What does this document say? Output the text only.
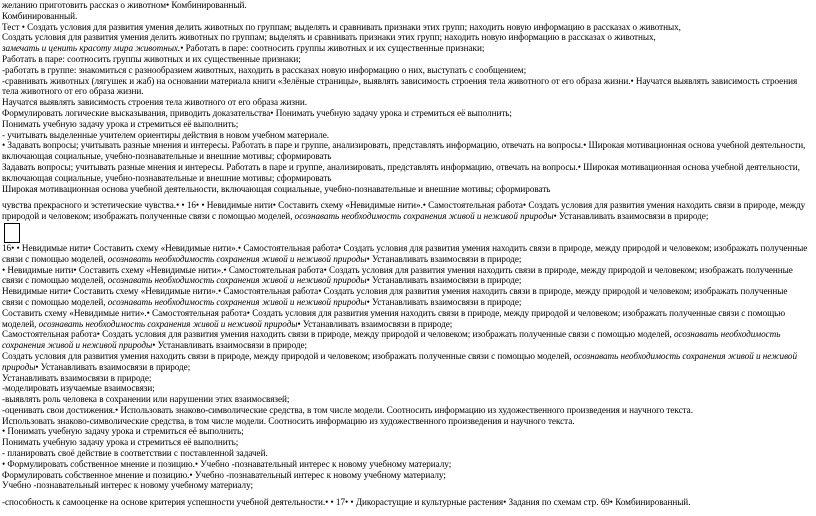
желанию приготовить рассказ о животном• Комбинированный.
Комбинированный.
Тест • Создать условия для развития умения делить животных по группам; выделять и сравнивать признаки этих групп; находить новую информацию в рассказах о животных,
Создать условия для развития умения делить животных по группам; выделять и сравнивать признаки этих групп; находить новую информацию в рассказах о животных,
замечать и ценить красоту мира животных.• Работать в паре: соотносить группы животных и их существенные признаки;
Работать в паре: соотносить группы животных и их существенные признаки;
-работать в группе: знакомиться с разнообразием животных, находить в рассказах новую информацию о них, выступать с сообщением;
-сравнивать животных (лягушек и жаб) на основании материала книги «Зелёные страницы», выявлять зависимость строения тела животного от его образа жизни.• Научатся выявлять зависимость строения тела животного от его образа жизни.
Научатся выявлять зависимость строения тела животного от его образа жизни.
Формулировать логические высказывания, приводить доказательства• Понимать учебную задачу урока и стремиться её выполнить;
Понимать учебную задачу урока и стремиться её выполнить;
- учитывать выделенные учителем ориентиры действия в новом учебном материале.
• Задавать вопросы; учитывать разные мнения и интересы. Работать в паре и группе, анализировать, представлять информацию, отвечать на вопросы.• Широкая мотивационная основа учебной деятельности, включающая социальные, учебно-познавательные и внешние мотивы; сформировать
Задавать вопросы; учитывать разные мнения и интересы. Работать в паре и группе, анализировать, представлять информацию, отвечать на вопросы.• Широкая мотивационная основа учебной деятельности, включающая социальные, учебно-познавательные и внешние мотивы; сформировать
Широкая мотивационная основа учебной деятельности, включающая социальные, учебно-познавательные и внешние мотивы; сформировать
чувства прекрасного и эстетические чувства.• • 16• • Невидимые нити• Составить схему «Невидимые нити».• Самостоятельная работа• Создать условия для развития умения находить связи в природе, между природой и человеком; изображать полученные связи с помощью моделей, осознавать необходимость сохранения живой и неживой природы• Устанавливать взаимосвязи в природе;
16• • Невидимые нити• Составить схему «Невидимые нити».• Самостоятельная работа• Создать условия для развития умения находить связи в природе, между природой и человеком; изображать полученные связи с помощью моделей, осознавать необходимость сохранения живой и неживой природы• Устанавливать взаимосвязи в природе;
• Невидимые нити• Составить схему «Невидимые нити».• Самостоятельная работа• Создать условия для развития умения находить связи в природе, между природой и человеком; изображать полученные связи с помощью моделей, осознавать необходимость сохранения живой и неживой природы• Устанавливать взаимосвязи в природе;
Невидимые нити• Составить схему «Невидимые нити».• Самостоятельная работа• Создать условия для развития умения находить связи в природе, между природой и человеком; изображать полученные связи с помощью моделей, осознавать необходимость сохранения живой и неживой природы• Устанавливать взаимосвязи в природе;
Составить схему «Невидимые нити».• Самостоятельная работа• Создать условия для развития умения находить связи в природе, между природой и человеком; изображать полученные связи с помощью моделей, осознавать необходимость сохранения живой и неживой природы• Устанавливать взаимосвязи в природе;
Самостоятельная работа• Создать условия для развития умения находить связи в природе, между природой и человеком; изображать полученные связи с помощью моделей, осознавать необходимость сохранения живой и неживой природы• Устанавливать взаимосвязи в природе;
Создать условия для развития умения находить связи в природе, между природой и человеком; изображать полученные связи с помощью моделей, осознавать необходимость сохранения живой и неживой природы• Устанавливать взаимосвязи в природе;
Устанавливать взаимосвязи в природе;
-моделировать изучаемые взаимосвязи;
-выявлять роль человека в сохранении или нарушении этих взаимосвязей;
-оценивать свои достижения.• Использовать знаково-символические средства, в том числе модели. Соотносить информацию из художественного произведения и научного текста.
Использовать знаково-символические средства, в том числе модели. Соотносить информацию из художественного произведения и научного текста.
• Понимать учебную задачу урока и стремиться её выполнить;
Понимать учебную задачу урока и стремиться её выполнить;
- планировать своё действие в соответствии с поставленной задачей.
• Формулировать собственное мнение и позицию.• Учебно -познавательный интерес к новому учебному материалу;
Формулировать собственное мнение и позицию.• Учебно -познавательный интерес к новому учебному материалу;
Учебно -познавательный интерес к новому учебному материалу;
-способность к самооценке на основе критерия успешности учебной деятельности.• • 17• • Дикорастущие и культурные растения• Задания по схемам стр. 69• Комбинированный.
